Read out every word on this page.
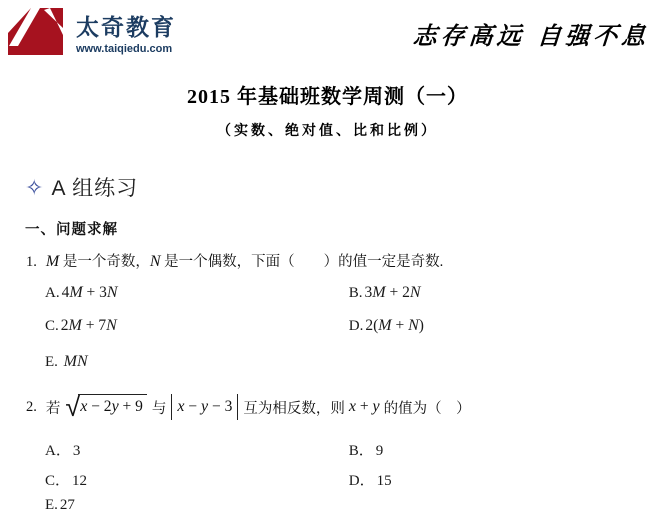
太奇教育
www.taiqiedu.com	志存高远 自强不息
2015 年基础班数学周测（一）
（实数、绝对值、比和比例）
✧ A 组练习
一、问题求解
1. M 是一个奇数，N 是一个偶数，下面（　　）的值一定是奇数.
A. 4M + 3N	B. 3M + 2N
C. 2M + 7N	D. 2(M + N)
E. MN
2. 若 √ x − 2y + 9 与 x − y − 3 互为相反数，则 x + y 的值为（　）
A． 3	B． 9
C． 12	D． 15
E. 27
